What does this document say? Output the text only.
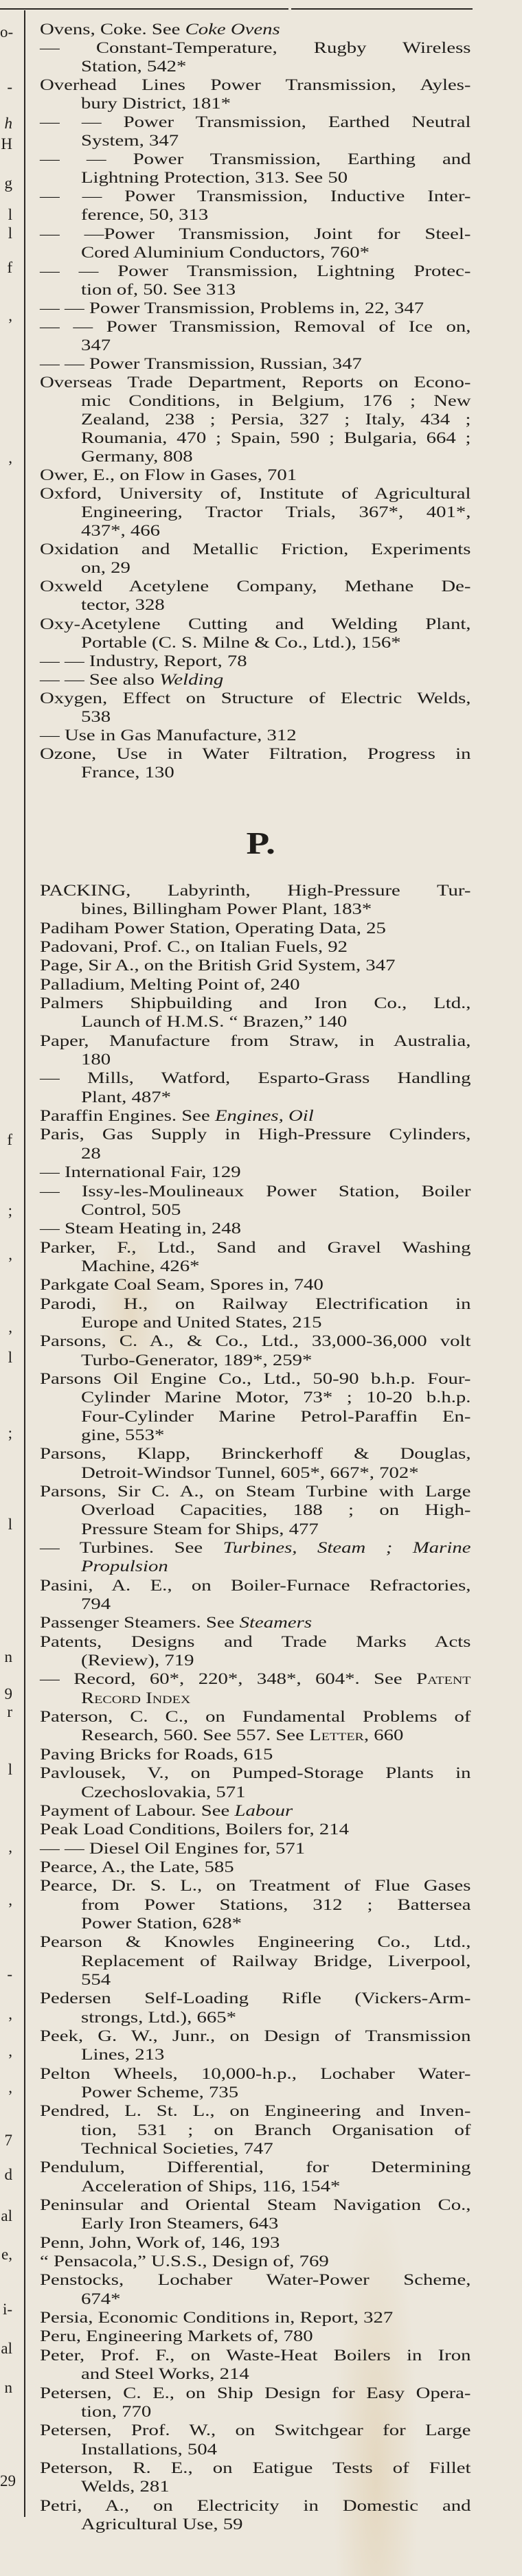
o-
-
h
H
g
l
l
f
,
,
f
;
,
,
l
;
l
n
9
r
l
,
,
-
,
,
,
7
d
al
e,
i-
al
n
29
Ovens, Coke. See Coke Ovens
— Constant-Temperature, Rugby Wireless
Station, 542*
Overhead Lines Power Transmission, Ayles-
bury District, 181*
— — Power Transmission, Earthed Neutral
System, 347
— — Power Transmission, Earthing and
Lightning Protection, 313. See 50
— — Power Transmission, Inductive Inter-
ference, 50, 313
— —Power Transmission, Joint for Steel-
Cored Aluminium Conductors, 760*
— — Power Transmission, Lightning Protec-
tion of, 50. See 313
— — Power Transmission, Problems in, 22, 347
— — Power Transmission, Removal of Ice on,
347
— — Power Transmission, Russian, 347
Overseas Trade Department, Reports on Econo-
mic Conditions, in Belgium, 176 ; New
Zealand, 238 ; Persia, 327 ; Italy, 434 ;
Roumania, 470 ; Spain, 590 ; Bulgaria, 664 ;
Germany, 808
Ower, E., on Flow in Gases, 701
Oxford, University of, Institute of Agricultural
Engineering, Tractor Trials, 367*, 401*,
437*, 466
Oxidation and Metallic Friction, Experiments
on, 29
Oxweld Acetylene Company, Methane De-
tector, 328
Oxy-Acetylene Cutting and Welding Plant,
Portable (C. S. Milne & Co., Ltd.), 156*
— — Industry, Report, 78
— — See also Welding
Oxygen, Effect on Structure of Electric Welds,
538
— Use in Gas Manufacture, 312
Ozone, Use in Water Filtration, Progress in
France, 130
P.
PACKING, Labyrinth, High-Pressure Tur-
bines, Billingham Power Plant, 183*
Padiham Power Station, Operating Data, 25
Padovani, Prof. C., on Italian Fuels, 92
Page, Sir A., on the British Grid System, 347
Palladium, Melting Point of, 240
Palmers Shipbuilding and Iron Co., Ltd.,
Launch of H.M.S. “ Brazen,” 140
Paper, Manufacture from Straw, in Australia,
180
— Mills, Watford, Esparto-Grass Handling
Plant, 487*
Paraffin Engines. See Engines, Oil
Paris, Gas Supply in High-Pressure Cylinders,
28
— International Fair, 129
— Issy-les-Moulineaux Power Station, Boiler
Control, 505
— Steam Heating in, 248
Parker, F., Ltd., Sand and Gravel Washing
Machine, 426*
Parkgate Coal Seam, Spores in, 740
Parodi, H., on Railway Electrification in
Europe and United States, 215
Parsons, C. A., & Co., Ltd., 33,000-36,000 volt
Turbo-Generator, 189*, 259*
Parsons Oil Engine Co., Ltd., 50-90 b.h.p. Four-
Cylinder Marine Motor, 73* ; 10-20 b.h.p.
Four-Cylinder Marine Petrol-Paraffin En-
gine, 553*
Parsons, Klapp, Brinckerhoff & Douglas,
Detroit-Windsor Tunnel, 605*, 667*, 702*
Parsons, Sir C. A., on Steam Turbine with Large
Overload Capacities, 188 ; on High-
Pressure Steam for Ships, 477
— Turbines. See Turbines, Steam ; Marine
Propulsion
Pasini, A. E., on Boiler-Furnace Refractories,
794
Passenger Steamers. See Steamers
Patents, Designs and Trade Marks Acts
(Review), 719
— Record, 60*, 220*, 348*, 604*. See Patent
Record Index
Paterson, C. C., on Fundamental Problems of
Research, 560. See 557. See Letter, 660
Paving Bricks for Roads, 615
Pavlousek, V., on Pumped-Storage Plants in
Czechoslovakia, 571
Payment of Labour. See Labour
Peak Load Conditions, Boilers for, 214
— — Diesel Oil Engines for, 571
Pearce, A., the Late, 585
Pearce, Dr. S. L., on Treatment of Flue Gases
from Power Stations, 312 ; Battersea
Power Station, 628*
Pearson & Knowles Engineering Co., Ltd.,
Replacement of Railway Bridge, Liverpool,
554
Pedersen Self-Loading Rifle (Vickers-Arm-
strongs, Ltd.), 665*
Peek, G. W., Junr., on Design of Transmission
Lines, 213
Pelton Wheels, 10,000-h.p., Lochaber Water-
Power Scheme, 735
Pendred, L. St. L., on Engineering and Inven-
tion, 531 ; on Branch Organisation of
Technical Societies, 747
Pendulum, Differential, for Determining
Acceleration of Ships, 116, 154*
Peninsular and Oriental Steam Navigation Co.,
Early Iron Steamers, 643
Penn, John, Work of, 146, 193
“ Pensacola,” U.S.S., Design of, 769
Penstocks, Lochaber Water-Power Scheme,
674*
Persia, Economic Conditions in, Report, 327
Peru, Engineering Markets of, 780
Peter, Prof. F., on Waste-Heat Boilers in Iron
and Steel Works, 214
Petersen, C. E., on Ship Design for Easy Opera-
tion, 770
Petersen, Prof. W., on Switchgear for Large
Installations, 504
Peterson, R. E., on Eatigue Tests of Fillet
Welds, 281
Petri, A., on Electricity in Domestic and
Agricultural Use, 59
